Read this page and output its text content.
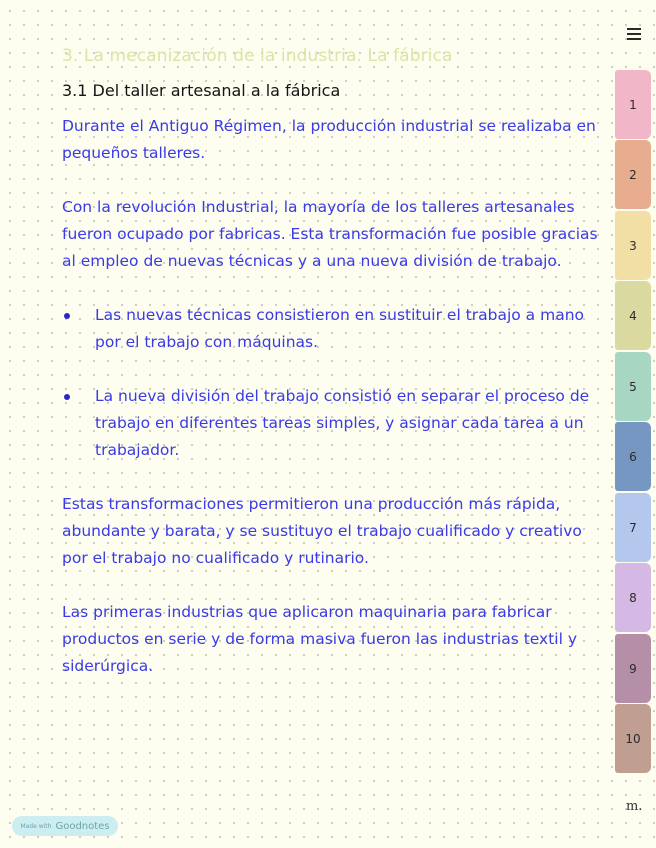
3. La mecanización de la industria. La fábrica
3.1 Del taller artesanal a la fábrica

Durante el Antiguo Régimen, la producción industrial se realizaba en pequeños talleres.

Con la revolución Industrial, la mayoría de los talleres artesanales fueron ocupado por fabricas. Esta transformación fue posible gracias al empleo de nuevas técnicas y a una nueva división de trabajo.

Las nuevas técnicas consistieron en sustituir el trabajo a mano por el trabajo con máquinas.
La nueva división del trabajo consistió en separar el proceso de trabajo en diferentes tareas simples, y asignar cada tarea a un trabajador.

Estas transformaciones permitieron una producción más rápida, abundante y barata, y se sustituyo el trabajo cualificado y creativo por el trabajo no cualificado y rutinario.

Las primeras industrias que aplicaron maquinaria para fabricar productos en serie y de forma masiva fueron las industrias textil y siderúrgica.

1
2
3
4
5
6
7
8
9
10
m.
Made with Goodnotes
